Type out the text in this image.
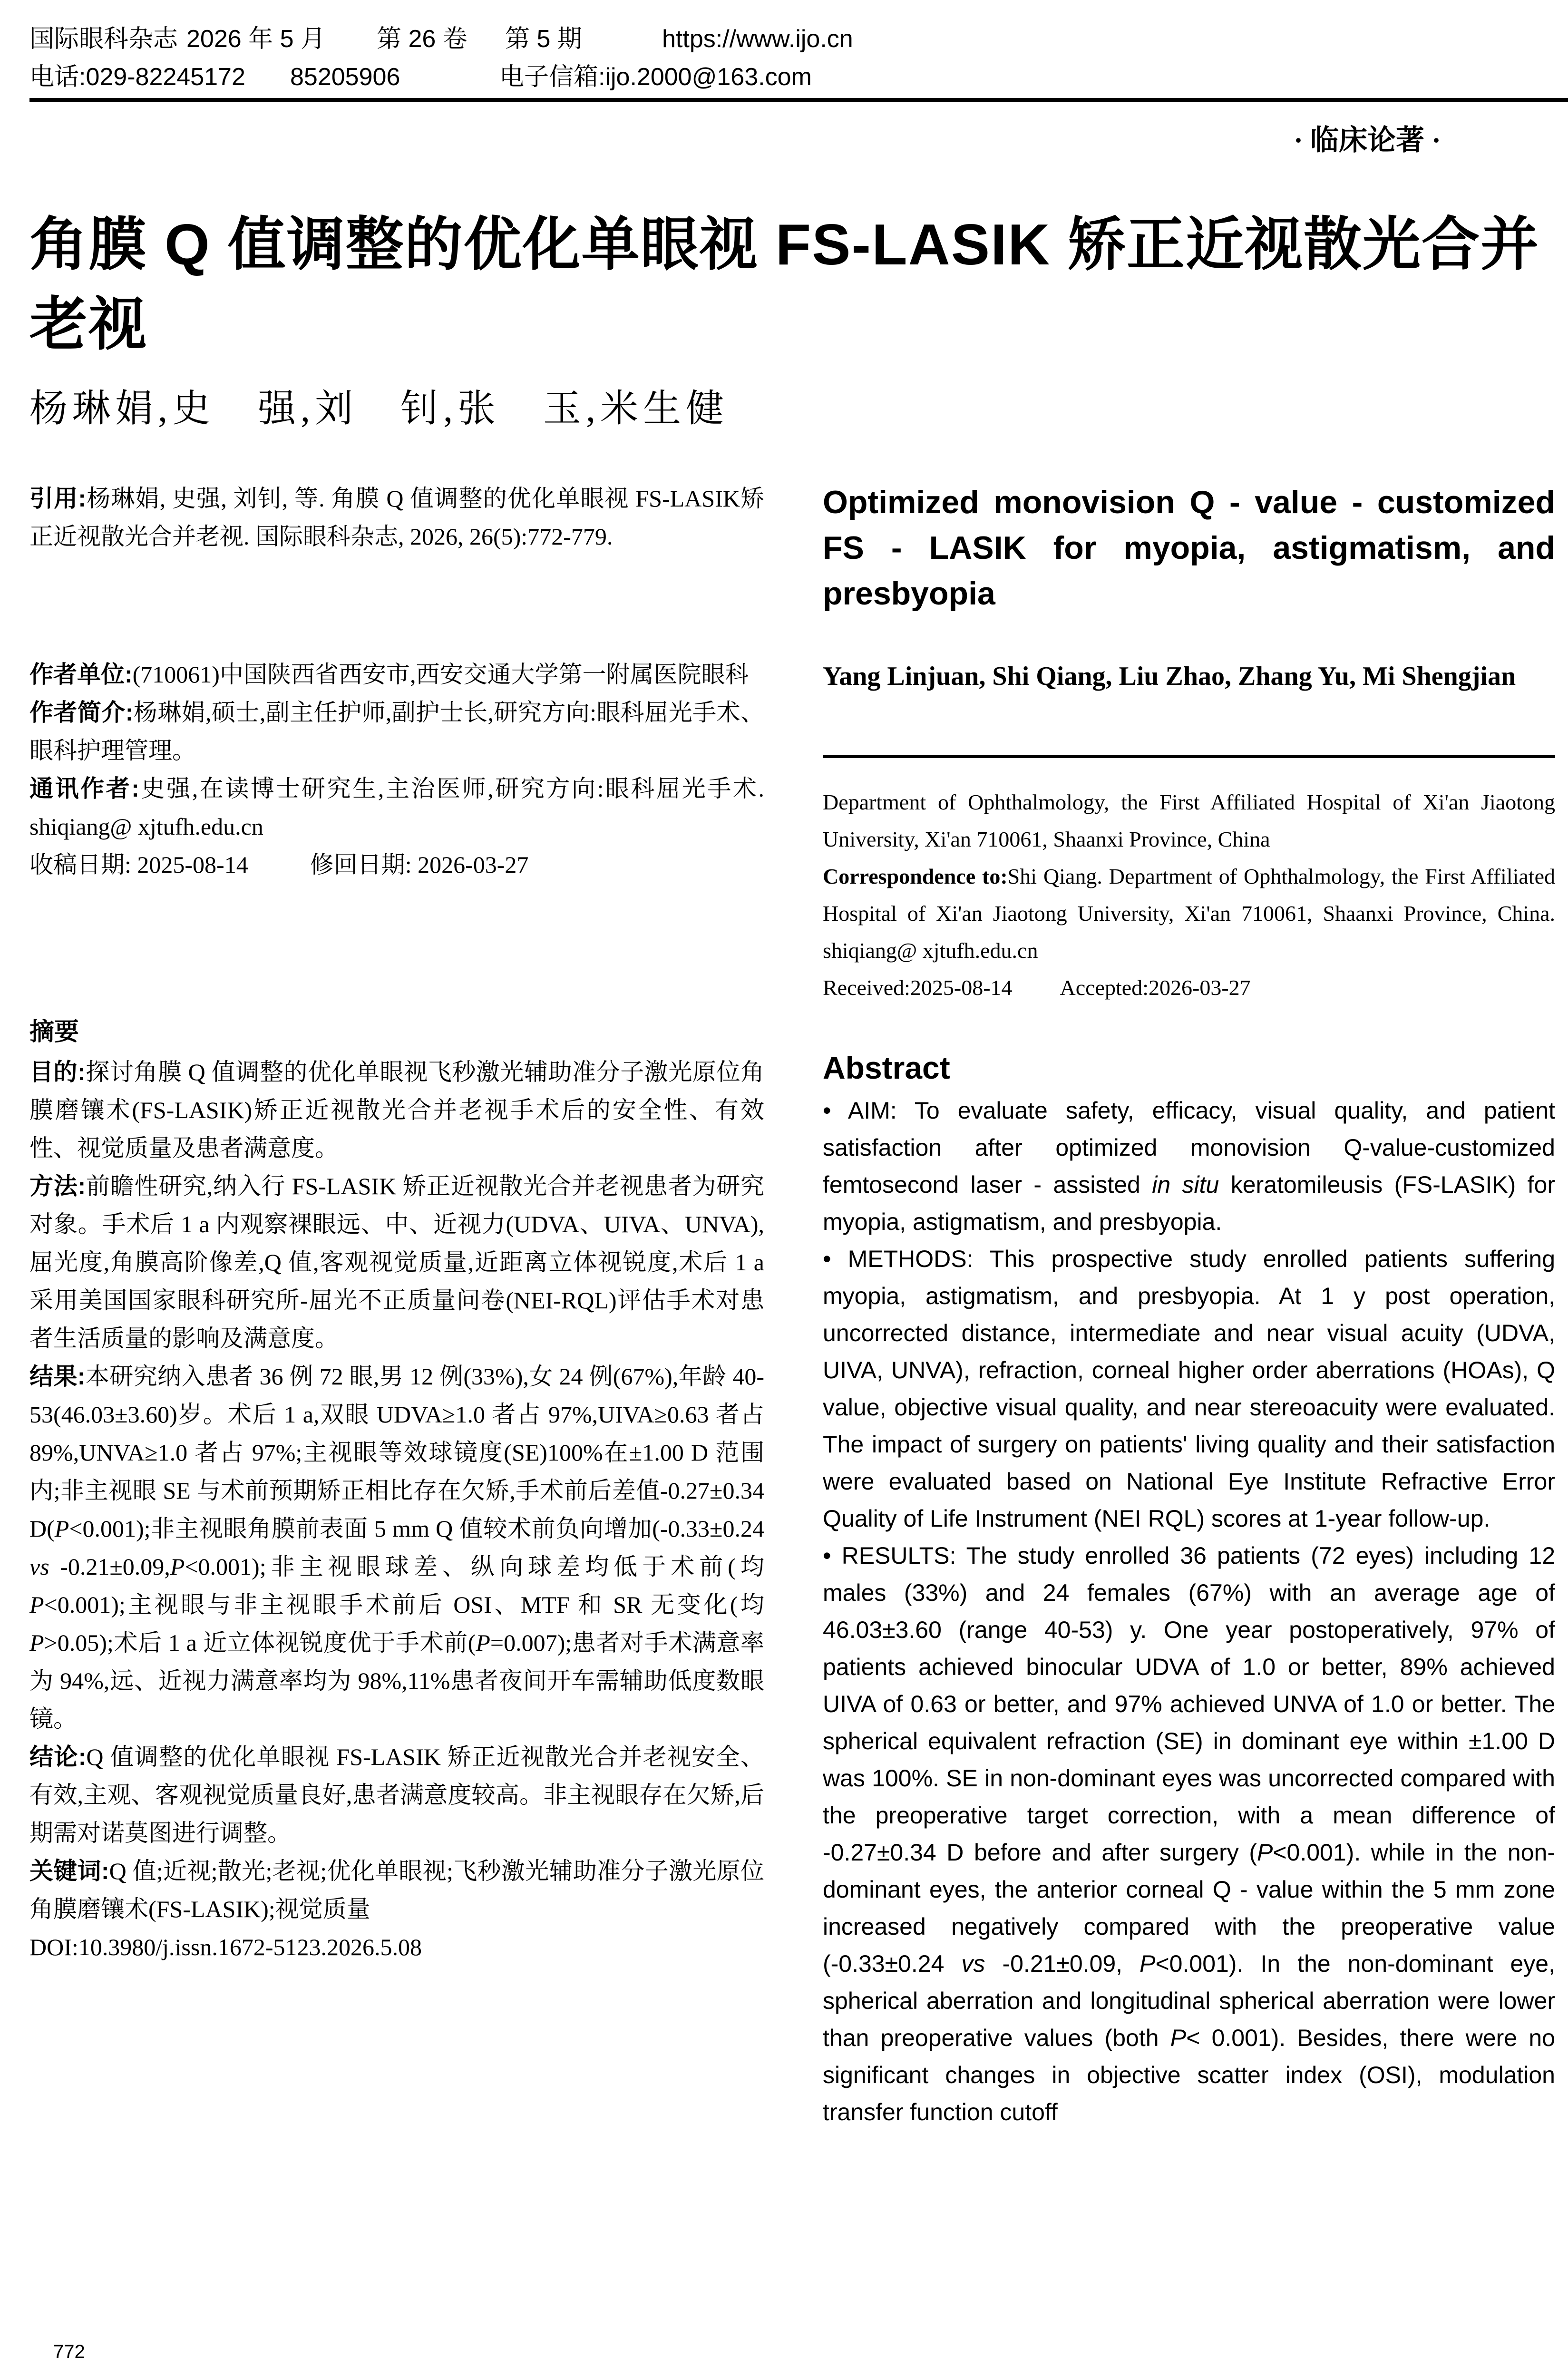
国际眼科杂志 2026 年 5 月	第 26 卷	第 5 期	https://www.ijo.cn
电话:029-82245172	85205906	电子信箱:ijo.2000@163.com
· 临床论著 ·
角膜 Q 值调整的优化单眼视 FS-LASIK 矫正近视散光合并老视
杨琳娟,史　强,刘　钊,张　玉,米生健
引用:杨琳娟, 史强, 刘钊, 等. 角膜 Q 值调整的优化单眼视 FS-LASIK矫正近视散光合并老视. 国际眼科杂志, 2026, 26(5):772-779.

作者单位:(710061)中国陕西省西安市,西安交通大学第一附属医院眼科

作者简介:杨琳娟,硕士,副主任护师,副护士长,研究方向:眼科屈光手术、眼科护理管理。

通讯作者:史强,在读博士研究生,主治医师,研究方向:眼科屈光手术. shiqiang@ xjtufh.edu.cn

收稿日期: 2025-08-14	修回日期: 2026-03-27

摘要

目的:探讨角膜 Q 值调整的优化单眼视飞秒激光辅助准分子激光原位角膜磨镶术(FS-LASIK)矫正近视散光合并老视手术后的安全性、有效性、视觉质量及患者满意度。

方法:前瞻性研究,纳入行 FS-LASIK 矫正近视散光合并老视患者为研究对象。手术后 1 a 内观察裸眼远、中、近视力(UDVA、UIVA、UNVA),屈光度,角膜高阶像差,Q 值,客观视觉质量,近距离立体视锐度,术后 1 a 采用美国国家眼科研究所-屈光不正质量问卷(NEI-RQL)评估手术对患者生活质量的影响及满意度。

结果:本研究纳入患者 36 例 72 眼,男 12 例(33%),女 24 例(67%),年龄 40-53(46.03±3.60)岁。术后 1 a,双眼 UDVA≥1.0 者占 97%,UIVA≥0.63 者占 89%,UNVA≥1.0 者占 97%;主视眼等效球镜度(SE)100%在±1.00 D 范围内;非主视眼 SE 与术前预期矫正相比存在欠矫,手术前后差值-0.27±0.34 D(P<0.001);非主视眼角膜前表面 5 mm Q 值较术前负向增加(-0.33±0.24 vs -0.21±0.09,P<0.001);非主视眼球差、纵向球差均低于术前(均 P<0.001);主视眼与非主视眼手术前后 OSI、MTF 和 SR 无变化(均 P>0.05);术后 1 a 近立体视锐度优于手术前(P=0.007);患者对手术满意率为 94%,远、近视力满意率均为 98%,11%患者夜间开车需辅助低度数眼镜。

结论:Q 值调整的优化单眼视 FS-LASIK 矫正近视散光合并老视安全、有效,主观、客观视觉质量良好,患者满意度较高。非主视眼存在欠矫,后期需对诺莫图进行调整。

关键词:Q 值;近视;散光;老视;优化单眼视;飞秒激光辅助准分子激光原位角膜磨镶术(FS-LASIK);视觉质量

DOI:10.3980/j.issn.1672-5123.2026.5.08

772
Optimized monovision Q - value - customized FS - LASIK for myopia, astigmatism, and presbyopia
Yang Linjuan, Shi Qiang, Liu Zhao, Zhang Yu, Mi Shengjian

Department of Ophthalmology, the First Affiliated Hospital of Xi'an Jiaotong University, Xi'an 710061, Shaanxi Province, China

Correspondence to:Shi Qiang. Department of Ophthalmology, the First Affiliated Hospital of Xi'an Jiaotong University, Xi'an 710061, Shaanxi Province, China. shiqiang@ xjtufh.edu.cn

Received:2025-08-14 Accepted:2026-03-27

Abstract

• AIM: To evaluate safety, efficacy, visual quality, and patient satisfaction after optimized monovision Q-value-customized femtosecond laser - assisted in situ keratomileusis (FS-LASIK) for myopia, astigmatism, and presbyopia.

• METHODS: This prospective study enrolled patients suffering myopia, astigmatism, and presbyopia. At 1 y post operation, uncorrected distance, intermediate and near visual acuity (UDVA, UIVA, UNVA), refraction, corneal higher order aberrations (HOAs), Q value, objective visual quality, and near stereoacuity were evaluated. The impact of surgery on patients' living quality and their satisfaction were evaluated based on National Eye Institute Refractive Error Quality of Life Instrument (NEI RQL) scores at 1-year follow-up.

• RESULTS: The study enrolled 36 patients (72 eyes) including 12 males (33%) and 24 females (67%) with an average age of 46.03±3.60 (range 40-53) y. One year postoperatively, 97% of patients achieved binocular UDVA of 1.0 or better, 89% achieved UIVA of 0.63 or better, and 97% achieved UNVA of 1.0 or better. The spherical equivalent refraction (SE) in dominant eye within ±1.00 D was 100%. SE in non-dominant eyes was uncorrected compared with the preoperative target correction, with a mean difference of -0.27±0.34 D before and after surgery (P<0.001). while in the non-dominant eyes, the anterior corneal Q - value within the 5 mm zone increased negatively compared with the preoperative value (-0.33±0.24 vs -0.21±0.09, P<0.001). In the non-dominant eye, spherical aberration and longitudinal spherical aberration were lower than preoperative values (both P< 0.001). Besides, there were no significant changes in objective scatter index (OSI), modulation transfer function cutoff
